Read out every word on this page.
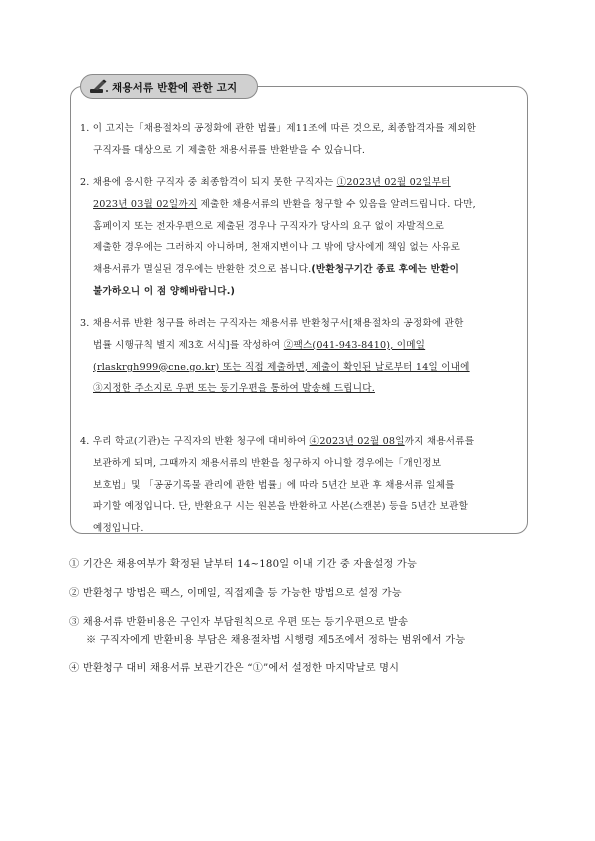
채용서류 반환에 관한 고지
1. 이 고지는「채용절차의 공정화에 관한 법률」제11조에 따른 것으로, 최종합격자를 제외한
구직자를 대상으로 기 제출한 채용서류를 반환받을 수 있습니다.
2. 채용에 응시한 구직자 중 최종합격이 되지 못한 구직자는 ①2023년 02월 02일부터
2023년 03월 02일까지 제출한 채용서류의 반환을 청구할 수 있음을 알려드립니다. 다만,
홈페이지 또는 전자우편으로 제출된 경우나 구직자가 당사의 요구 없이 자발적으로
제출한 경우에는 그러하지 아니하며, 천재지변이나 그 밖에 당사에게 책임 없는 사유로
채용서류가 멸실된 경우에는 반환한 것으로 봅니다.(반환청구기간 종료 후에는 반환이
불가하오니 이 점 양해바랍니다.)
3. 채용서류 반환 청구를 하려는 구직자는 채용서류 반환청구서[채용절차의 공정화에 관한
법률 시행규칙 별지 제3호 서식]를 작성하여 ②팩스(041-943-8410), 이메일
(rlaskrgh999@cne.go.kr) 또는 직접 제출하면, 제출이 확인된 날로부터 14일 이내에
③지정한 주소지로 우편 또는 등기우편을 통하여 발송해 드립니다.
4. 우리 학교(기관)는 구직자의 반환 청구에 대비하여 ④2023년 02월 08일까지 채용서류를
보관하게 되며, 그때까지 채용서류의 반환을 청구하지 아니할 경우에는「개인정보
보호법」및 「공공기록물 관리에 관한 법률」에 따라 5년간 보관 후 채용서류 일체를
파기할 예정입니다. 단, 반환요구 시는 원본을 반환하고 사본(스캔본) 등을 5년간 보관할
예정입니다.
① 기간은 채용여부가 확정된 날부터 14~180일 이내 기간 중 자율설정 가능
② 반환청구 방법은 팩스, 이메일, 직접제출 등 가능한 방법으로 설정 가능
③ 채용서류 반환비용은 구인자 부담원칙으로 우편 또는 등기우편으로 발송
※ 구직자에게 반환비용 부담은 채용절차법 시행령 제5조에서 정하는 범위에서 가능
④ 반환청구 대비 채용서류 보관기간은 “①”에서 설정한 마지막날로 명시
